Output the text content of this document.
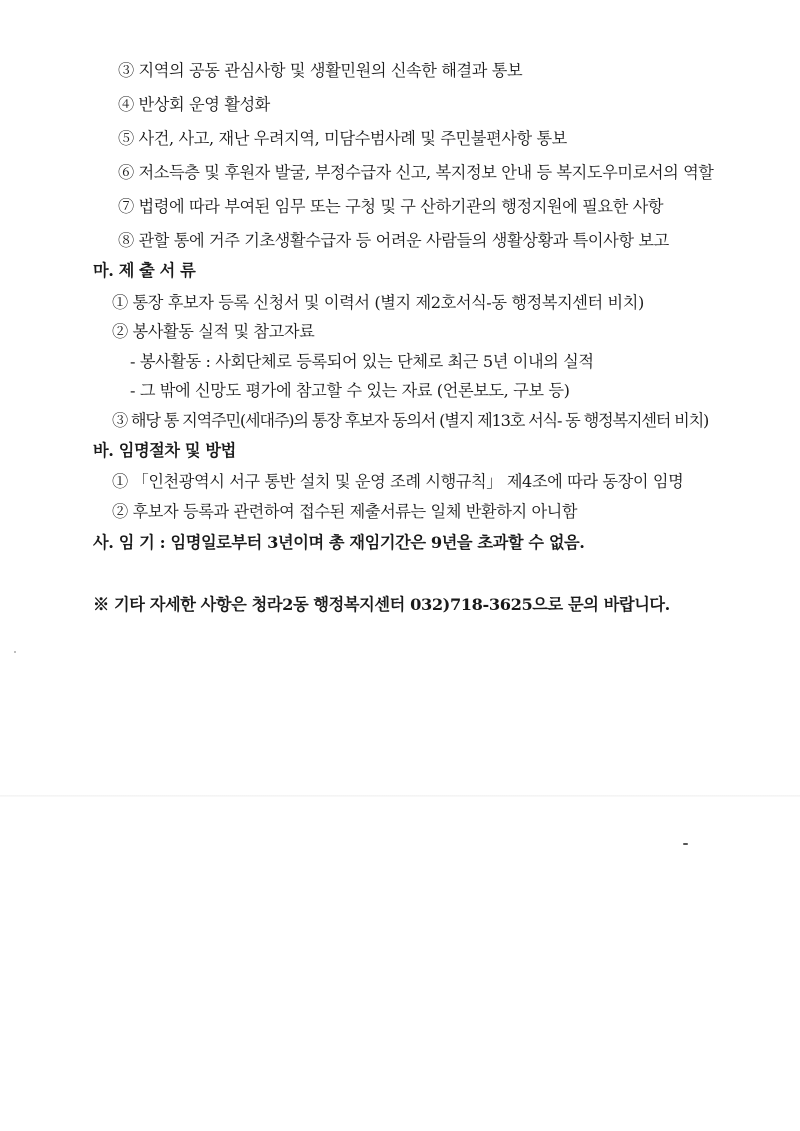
③ 지역의 공동 관심사항 및 생활민원의 신속한 해결과 통보
④ 반상회 운영 활성화
⑤ 사건, 사고, 재난 우려지역, 미담수범사례 및 주민불편사항 통보
⑥ 저소득층 및 후원자 발굴, 부정수급자 신고, 복지정보 안내 등 복지도우미로서의 역할
⑦ 법령에 따라 부여된 임무 또는 구청 및 구 산하기관의 행정지원에 필요한 사항
⑧ 관할 통에 거주 기초생활수급자 등 어려운 사람들의 생활상황과 특이사항 보고
마. 제 출 서 류
① 통장 후보자 등록 신청서 및 이력서 (별지 제2호서식-동 행정복지센터 비치)
② 봉사활동 실적 및 참고자료
- 봉사활동 : 사회단체로 등록되어 있는 단체로 최근 5년 이내의 실적
- 그 밖에 신망도 평가에 참고할 수 있는 자료 (언론보도, 구보 등)
③ 해당 통 지역주민(세대주)의 통장 후보자 동의서 (별지 제13호 서식- 동 행정복지센터 비치)
바. 임명절차 및 방법
① 「인천광역시 서구 통반 설치 및 운영 조례 시행규칙」 제4조에 따라 동장이 임명
② 후보자 등록과 관련하여 접수된 제출서류는 일체 반환하지 아니함
사. 임 기 : 임명일로부터 3년이며 총 재임기간은 9년을 초과할 수 없음.
※ 기타 자세한 사항은 청라2동 행정복지센터 032)718-3625으로 문의 바랍니다.
